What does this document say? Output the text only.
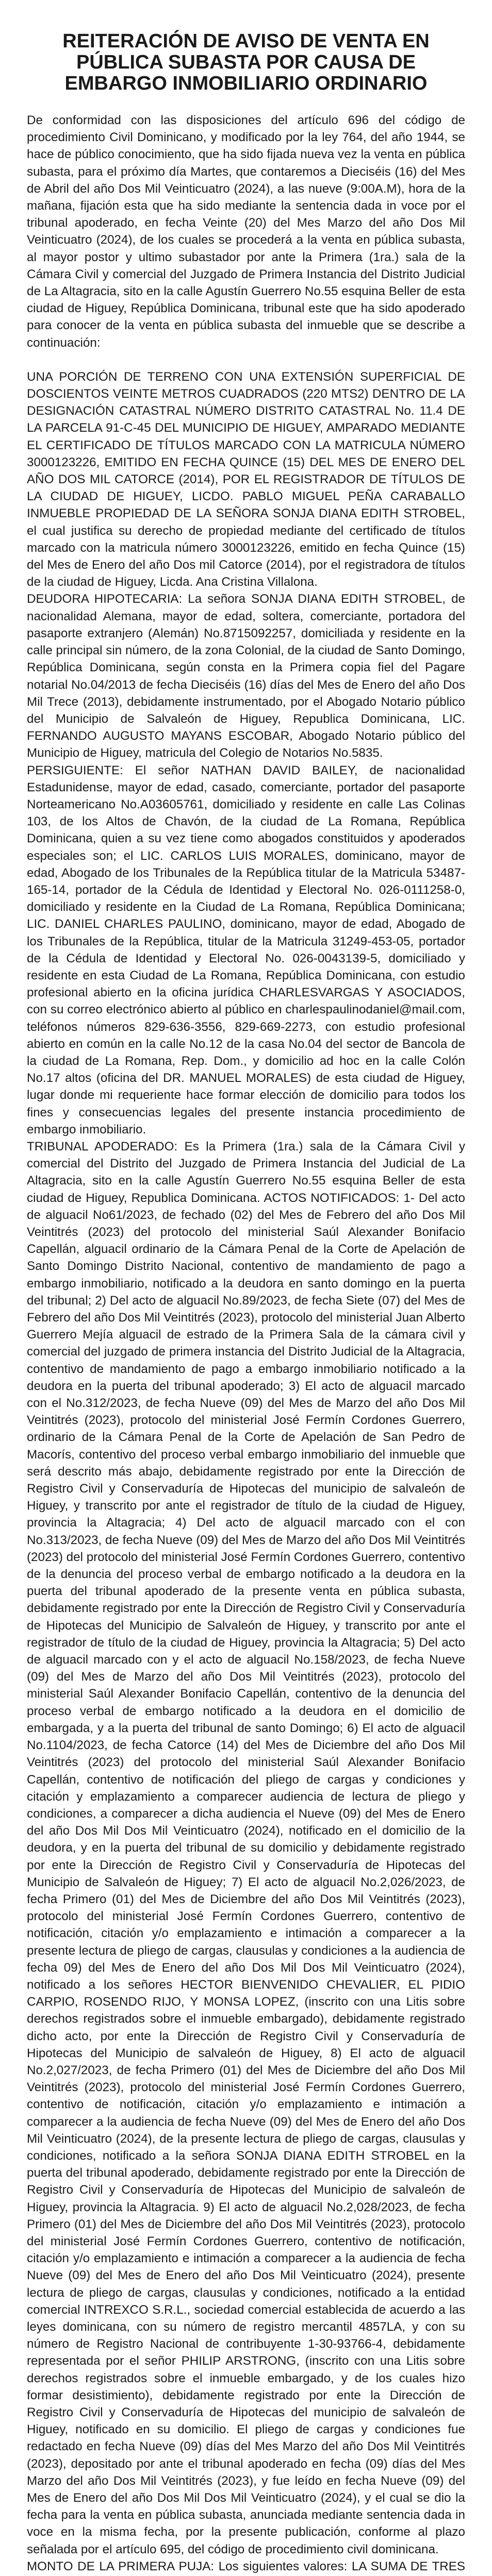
REITERACIÓN DE AVISO DE VENTA EN PÚBLICA SUBASTA POR CAUSA DE EMBARGO INMOBILIARIO ORDINARIO

De conformidad con las disposiciones del artículo 696 del código de procedimiento Civil Dominicano, y modificado por la ley 764, del año 1944, se hace de público conocimiento, que ha sido fijada nueva vez la venta en pública subasta, para el próximo día Martes, que contaremos a Dieciséis (16) del Mes de Abril del año Dos Mil Veinticuatro (2024), a las nueve (9:00A.M), hora de la mañana, fijación esta que ha sido mediante la sentencia dada in voce por el tribunal apoderado, en fecha Veinte (20) del Mes Marzo del año Dos Mil Veinticuatro (2024), de los cuales se procederá a la venta en pública subasta, al mayor postor y ultimo subastador por ante la Primera (1ra.) sala de la Cámara Civil y comercial del Juzgado de Primera Instancia del Distrito Judicial de La Altagracia, sito en la calle Agustín Guerrero No.55 esquina Beller de esta ciudad de Higuey, República Dominicana, tribunal este que ha sido apoderado para conocer de la venta en pública subasta del inmueble que se describe a continuación:

UNA PORCIÓN DE TERRENO CON UNA EXTENSIÓN SUPERFICIAL DE DOSCIENTOS VEINTE METROS CUADRADOS (220 MTS2) DENTRO DE LA DESIGNACIÓN CATASTRAL NÚMERO DISTRITO CATASTRAL No. 11.4 DE LA PARCELA 91-C-45 DEL MUNICIPIO DE HIGUEY, AMPARADO MEDIANTE EL CERTIFICADO DE TÍTULOS MARCADO CON LA MATRICULA NÚMERO 3000123226, EMITIDO EN FECHA QUINCE (15) DEL MES DE ENERO DEL AÑO DOS MIL CATORCE (2014), POR EL REGISTRADOR DE TÍTULOS DE LA CIUDAD DE HIGUEY, LICDO. PABLO MIGUEL PEÑA CARABALLO INMUEBLE PROPIEDAD DE LA SEÑORA SONJA DIANA EDITH STROBEL, el cual justifica su derecho de propiedad mediante del certificado de títulos marcado con la matricula número 3000123226, emitido en fecha Quince (15) del Mes de Enero del año Dos mil Catorce (2014), por el registradora de títulos de la ciudad de Higuey, Licda. Ana Cristina Villalona.

DEUDORA HIPOTECARIA: La señora SONJA DIANA EDITH STROBEL, de nacionalidad Alemana, mayor de edad, soltera, comerciante, portadora del pasaporte extranjero (Alemán) No.8715092257, domiciliada y residente en la calle principal sin número, de la zona Colonial, de la ciudad de Santo Domingo, República Dominicana, según consta en la Primera copia fiel del Pagare notarial No.04/2013 de fecha Dieciséis (16) días del Mes de Enero del año Dos Mil Trece (2013), debidamente instrumentado, por el Abogado Notario público del Municipio de Salvaleón de Higuey, Republica Dominicana, LIC. FERNANDO AUGUSTO MAYANS ESCOBAR, Abogado Notario público del Municipio de Higuey, matricula del Colegio de Notarios No.5835.

PERSIGUIENTE: El señor NATHAN DAVID BAILEY, de nacionalidad Estadunidense, mayor de edad, casado, comerciante, portador del pasaporte Norteamericano No.A03605761, domiciliado y residente en calle Las Colinas 103, de los Altos de Chavón, de la ciudad de La Romana, República Dominicana, quien a su vez tiene como abogados constituidos y apoderados especiales son; el LIC. CARLOS LUIS MORALES, dominicano, mayor de edad, Abogado de los Tribunales de la República titular de la Matricula 53487-165-14, portador de la Cédula de Identidad y Electoral No. 026-0111258-0, domiciliado y residente en la Ciudad de La Romana, República Dominicana; LIC. DANIEL CHARLES PAULINO, dominicano, mayor de edad, Abogado de los Tribunales de la República, titular de la Matricula 31249-453-05, portador de la Cédula de Identidad y Electoral No. 026-0043139-5, domiciliado y residente en esta Ciudad de La Romana, República Dominicana, con estudio profesional abierto en la oficina jurídica CHARLESVARGAS Y ASOCIADOS, con su correo electrónico abierto al público en charlespaulinodaniel@mail.com, teléfonos números 829-636-3556, 829-669-2273, con estudio profesional abierto en común en la calle No.12 de la casa No.04 del sector de Bancola de la ciudad de La Romana, Rep. Dom., y domicilio ad hoc en la calle Colón No.17 altos (oficina del DR. MANUEL MORALES) de esta ciudad de Higuey, lugar donde mi requeriente hace formar elección de domicilio para todos los fines y consecuencias legales del presente instancia procedimiento de embargo inmobiliario.

TRIBUNAL APODERADO: Es la Primera (1ra.) sala de la Cámara Civil y comercial del Distrito del Juzgado de Primera Instancia del Judicial de La Altagracia, sito en la calle Agustín Guerrero No.55 esquina Beller de esta ciudad de Higuey, Republica Dominicana. ACTOS NOTIFICADOS: 1- Del acto de alguacil No61/2023, de fechado (02) del Mes de Febrero del año Dos Mil Veintitrés (2023) del protocolo del ministerial Saúl Alexander Bonifacio Capellán, alguacil ordinario de la Cámara Penal de la Corte de Apelación de Santo Domingo Distrito Nacional, contentivo de mandamiento de pago a embargo inmobiliario, notificado a la deudora en santo domingo en la puerta del tribunal; 2) Del acto de alguacil No.89/2023, de fecha Siete (07) del Mes de Febrero del año Dos Mil Veintitrés (2023), protocolo del ministerial Juan Alberto Guerrero Mejía alguacil de estrado de la Primera Sala de la cámara civil y comercial del juzgado de primera instancia del Distrito Judicial de la Altagracia, contentivo de mandamiento de pago a embargo inmobiliario notificado a la deudora en la puerta del tribunal apoderado; 3) El acto de alguacil marcado con el No.312/2023, de fecha Nueve (09) del Mes de Marzo del año Dos Mil Veintitrés (2023), protocolo del ministerial José Fermín Cordones Guerrero, ordinario de la Cámara Penal de la Corte de Apelación de San Pedro de Macorís, contentivo del proceso verbal embargo inmobiliario del inmueble que será descrito más abajo, debidamente registrado por ente la Dirección de Registro Civil y Conservaduría de Hipotecas del municipio de salvaleón de Higuey, y transcrito por ante el registrador de título de la ciudad de Higuey, provincia la Altagracia; 4) Del acto de alguacil marcado con el con No.313/2023, de fecha Nueve (09) del Mes de Marzo del año Dos Mil Veintitrés (2023) del protocolo del ministerial José Fermín Cordones Guerrero, contentivo de la denuncia del proceso verbal de embargo notificado a la deudora en la puerta del tribunal apoderado de la presente venta en pública subasta, debidamente registrado por ente la Dirección de Registro Civil y Conservaduría de Hipotecas del Municipio de Salvaleón de Higuey, y transcrito por ante el registrador de título de la ciudad de Higuey, provincia la Altagracia; 5) Del acto de alguacil marcado con y el acto de alguacil No.158/2023, de fecha Nueve (09) del Mes de Marzo del año Dos Mil Veintitrés (2023), protocolo del ministerial Saúl Alexander Bonifacio Capellán, contentivo de la denuncia del proceso verbal de embargo notificado a la deudora en el domicilio de embargada, y a la puerta del tribunal de santo Domingo; 6) El acto de alguacil No.1104/2023, de fecha Catorce (14) del Mes de Diciembre del año Dos Mil Veintitrés (2023) del protocolo del ministerial Saúl Alexander Bonifacio Capellán, contentivo de notificación del pliego de cargas y condiciones y citación y emplazamiento a comparecer audiencia de lectura de pliego y condiciones, a comparecer a dicha audiencia el Nueve (09) del Mes de Enero del año Dos Mil Dos Mil Veinticuatro (2024), notificado en el domicilio de la deudora, y en la puerta del tribunal de su domicilio y debidamente registrado por ente la Dirección de Registro Civil y Conservaduría de Hipotecas del Municipio de Salvaleón de Higuey; 7) El acto de alguacil No.2,026/2023, de fecha Primero (01) del Mes de Diciembre del año Dos Mil Veintitrés (2023), protocolo del ministerial José Fermín Cordones Guerrero, contentivo de notificación, citación y/o emplazamiento e intimación a comparecer a la presente lectura de pliego de cargas, clausulas y condiciones a la audiencia de fecha 09) del Mes de Enero del año Dos Mil Dos Mil Veinticuatro (2024), notificado a los señores HECTOR BIENVENIDO CHEVALIER, EL PIDIO CARPIO, ROSENDO RIJO, Y MONSA LOPEZ, (inscrito con una Litis sobre derechos registrados sobre el inmueble embargado), debidamente registrado dicho acto, por ente la Dirección de Registro Civil y Conservaduría de Hipotecas del Municipio de salvaleón de Higuey, 8) El acto de alguacil No.2,027/2023, de fecha Primero (01) del Mes de Diciembre del año Dos Mil Veintitrés (2023), protocolo del ministerial José Fermín Cordones Guerrero, contentivo de notificación, citación y/o emplazamiento e intimación a comparecer a la audiencia de fecha Nueve (09) del Mes de Enero del año Dos Mil Veinticuatro (2024), de la presente lectura de pliego de cargas, clausulas y condiciones, notificado a la señora SONJA DIANA EDITH STROBEL en la puerta del tribunal apoderado, debidamente registrado por ente la Dirección de Registro Civil y Conservaduría de Hipotecas del Municipio de salvaleón de Higuey, provincia la Altagracia. 9) El acto de alguacil No.2,028/2023, de fecha Primero (01) del Mes de Diciembre del año Dos Mil Veintitrés (2023), protocolo del ministerial José Fermín Cordones Guerrero, contentivo de notificación, citación y/o emplazamiento e intimación a comparecer a la audiencia de fecha Nueve (09) del Mes de Enero del año Dos Mil Veinticuatro (2024), presente lectura de pliego de cargas, clausulas y condiciones, notificado a la entidad comercial INTREXCO S.R.L., sociedad comercial establecida de acuerdo a las leyes dominicana, con su número de registro mercantil 4857LA, y con su número de Registro Nacional de contribuyente 1-30-93766-4, debidamente representada por el señor PHILIP ARSTRONG, (inscrito con una Litis sobre derechos registrados sobre el inmueble embargado, y de los cuales hizo formar desistimiento), debidamente registrado por ente la Dirección de Registro Civil y Conservaduría de Hipotecas del municipio de salvaleón de Higuey, notificado en su domicilio. El pliego de cargas y condiciones fue redactado en fecha Nueve (09) días del Mes Marzo del año Dos Mil Veintitrés (2023), depositado por ante el tribunal apoderado en fecha (09) días del Mes Marzo del año Dos Mil Veintitrés (2023), y fue leído en fecha Nueve (09) del Mes de Enero del año Dos Mil Dos Mil Veinticuatro (2024), y el cual se dio la fecha para la venta en pública subasta, anunciada mediante sentencia dada in voce en la misma fecha, por la presente publicación, conforme al plazo señalada por el artículo 695, del código de procedimiento civil dominicana.

MONTO DE LA PRIMERA PUJA: Los siguientes valores: LA SUMA DE TRES
